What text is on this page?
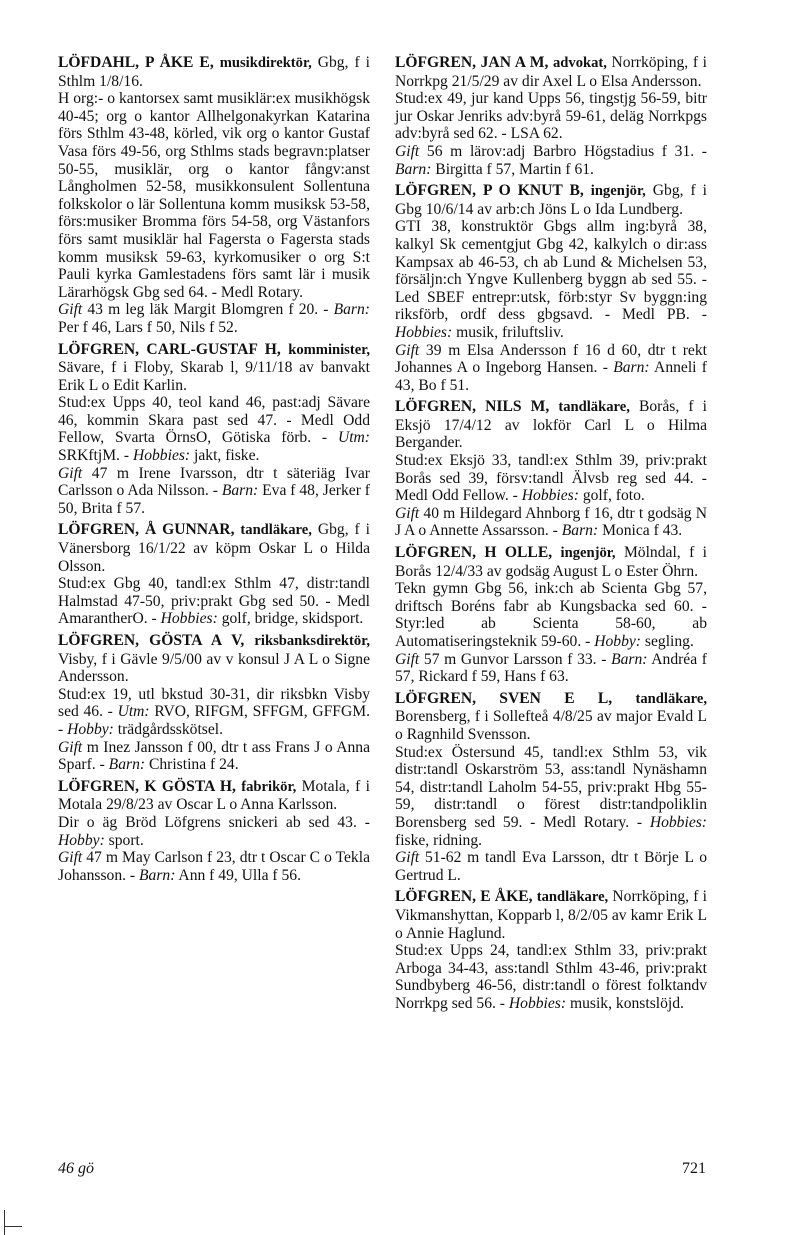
LÖFDAHL, P ÅKE E, musikdirektör, Gbg, f i Sthlm 1/8/16.

H org:- o kantorsex samt musiklär:ex musikhögsk 40-45; org o kantor Allhelgonakyrkan Katarina förs Sthlm 43-48, körled, vik org o kantor Gustaf Vasa förs 49-56, org Sthlms stads begravn:platser 50-55, musiklär, org o kantor fångv:anst Långholmen 52-58, musikkonsulent Sollentuna folkskolor o lär Sollentuna komm musiksk 53-58, förs:musiker Bromma förs 54-58, org Västanfors förs samt musiklär hal Fagersta o Fagersta stads komm musiksk 59-63, kyrkomusiker o org S:t Pauli kyrka Gamlestadens förs samt lär i musik Lärarhögsk Gbg sed 64. - Medl Rotary.

Gift 43 m leg läk Margit Blomgren f 20. - Barn: Per f 46, Lars f 50, Nils f 52.

LÖFGREN, CARL-GUSTAF H, komminister, Sävare, f i Floby, Skarab l, 9/11/18 av banvakt Erik L o Edit Karlin.

Stud:ex Upps 40, teol kand 46, past:adj Sävare 46, kommin Skara past sed 47. - Medl Odd Fellow, Svarta ÖrnsO, Götiska förb. - Utm: SRKftjM. - Hobbies: jakt, fiske.

Gift 47 m Irene Ivarsson, dtr t säteriäg Ivar Carlsson o Ada Nilsson. - Barn: Eva f 48, Jerker f 50, Brita f 57.

LÖFGREN, Å GUNNAR, tandläkare, Gbg, f i Vänersborg 16/1/22 av köpm Oskar L o Hilda Olsson.

Stud:ex Gbg 40, tandl:ex Sthlm 47, distr:tandl Halmstad 47-50, priv:prakt Gbg sed 50. - Medl AmarantherO. - Hobbies: golf, bridge, skidsport.

LÖFGREN, GÖSTA A V, riksbanksdirektör, Visby, f i Gävle 9/5/00 av v konsul J A L o Signe Andersson.

Stud:ex 19, utl bkstud 30-31, dir riksbkn Visby sed 46. - Utm: RVO, RIFGM, SFFGM, GFFGM. - Hobby: trädgårdsskötsel.

Gift m Inez Jansson f 00, dtr t ass Frans J o Anna Sparf. - Barn: Christina f 24.

LÖFGREN, K GÖSTA H, fabrikör, Motala, f i Motala 29/8/23 av Oscar L o Anna Karlsson.

Dir o äg Bröd Löfgrens snickeri ab sed 43. - Hobby: sport.

Gift 47 m May Carlson f 23, dtr t Oscar C o Tekla Johansson. - Barn: Ann f 49, Ulla f 56.

LÖFGREN, JAN A M, advokat, Norrköping, f i Norrkpg 21/5/29 av dir Axel L o Elsa Andersson.

Stud:ex 49, jur kand Upps 56, tingstjg 56-59, bitr jur Oskar Jenriks adv:byrå 59-61, deläg Norrkpgs adv:byrå sed 62. - LSA 62.

Gift 56 m lärov:adj Barbro Högstadius f 31. - Barn: Birgitta f 57, Martin f 61.

LÖFGREN, P O KNUT B, ingenjör, Gbg, f i Gbg 10/6/14 av arb:ch Jöns L o Ida Lundberg.

GTI 38, konstruktör Gbgs allm ing:byrå 38, kalkyl Sk cementgjut Gbg 42, kalkylch o dir:ass Kampsax ab 46-53, ch ab Lund & Michelsen 53, försäljn:ch Yngve Kullenberg byggn ab sed 55. - Led SBEF entrepr:utsk, förb:styr Sv byggn:ing riksförb, ordf dess gbgsavd. - Medl PB. - Hobbies: musik, friluftsliv.

Gift 39 m Elsa Andersson f 16 d 60, dtr t rekt Johannes A o Ingeborg Hansen. - Barn: Anneli f 43, Bo f 51.

LÖFGREN, NILS M, tandläkare, Borås, f i Eksjö 17/4/12 av lokför Carl L o Hilma Bergander.

Stud:ex Eksjö 33, tandl:ex Sthlm 39, priv:prakt Borås sed 39, försv:tandl Älvsb reg sed 44. - Medl Odd Fellow. - Hobbies: golf, foto.

Gift 40 m Hildegard Ahnborg f 16, dtr t godsäg N J A o Annette Assarsson. - Barn: Monica f 43.

LÖFGREN, H OLLE, ingenjör, Mölndal, f i Borås 12/4/33 av godsäg August L o Ester Öhrn.

Tekn gymn Gbg 56, ink:ch ab Scienta Gbg 57, driftsch Boréns fabr ab Kungsbacka sed 60. - Styr:led ab Scienta 58-60, ab Automatiseringsteknik 59-60. - Hobby: segling.

Gift 57 m Gunvor Larsson f 33. - Barn: Andréa f 57, Rickard f 59, Hans f 63.

LÖFGREN, SVEN E L, tandläkare, Borensberg, f i Sollefteå 4/8/25 av major Evald L o Ragnhild Svensson.

Stud:ex Östersund 45, tandl:ex Sthlm 53, vik distr:tandl Oskarström 53, ass:tandl Nynäshamn 54, distr:tandl Laholm 54-55, priv:prakt Hbg 55-59, distr:tandl o förest distr:tandpoliklin Borensberg sed 59. - Medl Rotary. - Hobbies: fiske, ridning.

Gift 51-62 m tandl Eva Larsson, dtr t Börje L o Gertrud L.

LÖFGREN, E ÅKE, tandläkare, Norrköping, f i Vikmanshyttan, Kopparb l, 8/2/05 av kamr Erik L o Annie Haglund.

Stud:ex Upps 24, tandl:ex Sthlm 33, priv:prakt Arboga 34-43, ass:tandl Sthlm 43-46, priv:prakt Sundbyberg 46-56, distr:tandl o förest folktandv Norrkpg sed 56. - Hobbies: musik, konstslöjd.

46 gö	721
